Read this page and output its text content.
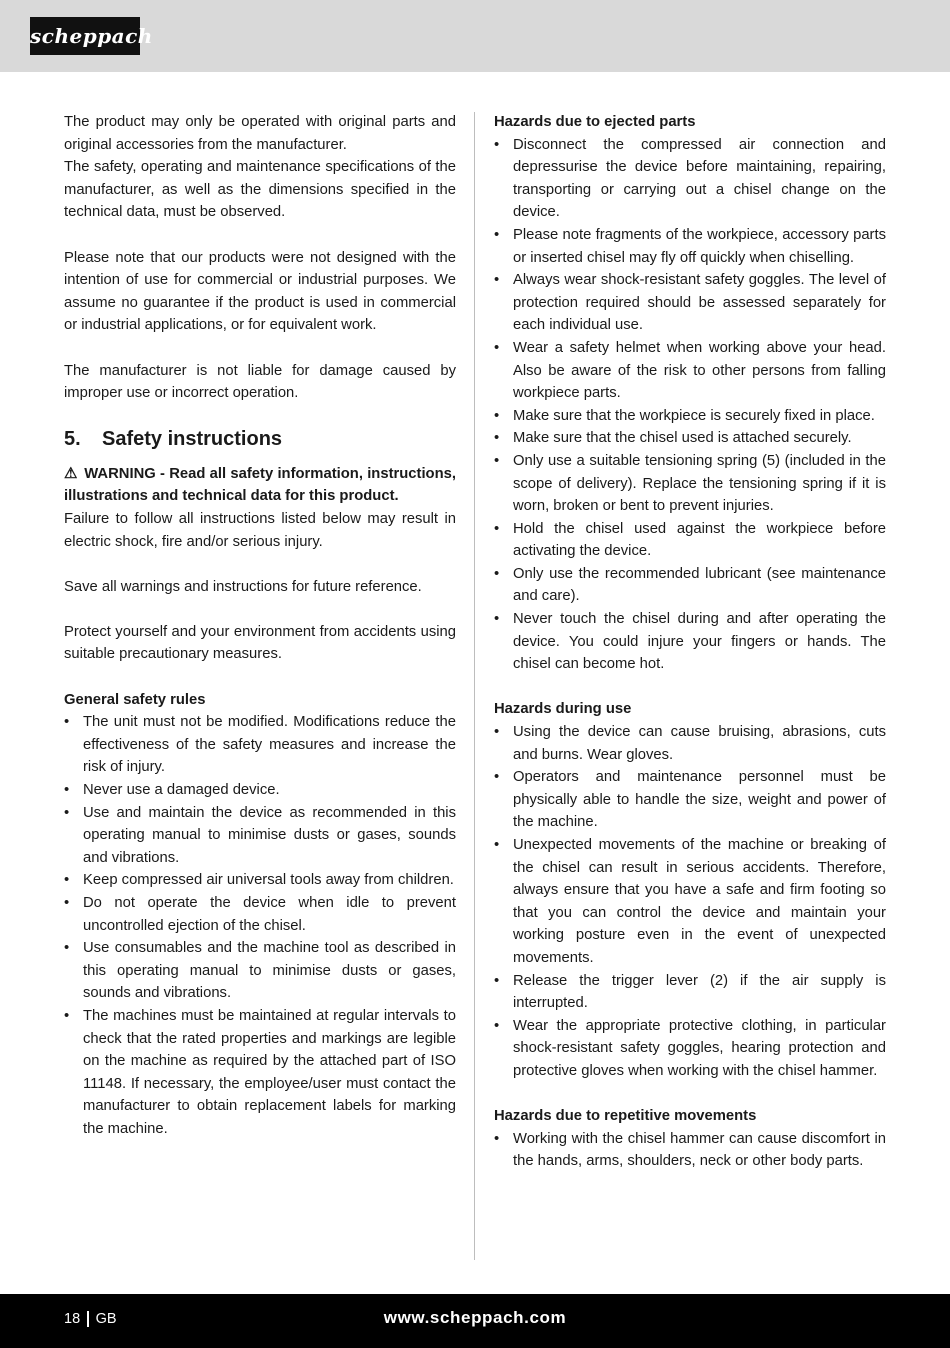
scheppach

The product may only be operated with original parts and original accessories from the manufacturer.

The safety, operating and maintenance specifications of the manufacturer, as well as the dimensions specified in the technical data, must be observed.

Please note that our products were not designed with the intention of use for commercial or industrial purposes. We assume no guarantee if the product is used in commercial or industrial applications, or for equivalent work.

The manufacturer is not liable for damage caused by improper use or incorrect operation.

5.	Safety instructions

⚠ WARNING - Read all safety information, instructions, illustrations and technical data for this product.

Failure to follow all instructions listed below may result in electric shock, fire and/or serious injury.

Save all warnings and instructions for future reference.

Protect yourself and your environment from accidents using suitable precautionary measures.

General safety rules

• The unit must not be modified. Modifications reduce the effectiveness of the safety measures and increase the risk of injury.
• Never use a damaged device.
• Use and maintain the device as recommended in this operating manual to minimise dusts or gases, sounds and vibrations.
• Keep compressed air universal tools away from children.
• Do not operate the device when idle to prevent uncontrolled ejection of the chisel.
• Use consumables and the machine tool as described in this operating manual to minimise dusts or gases, sounds and vibrations.
• The machines must be maintained at regular intervals to check that the rated properties and markings are legible on the machine as required by the attached part of ISO 11148. If necessary, the employee/user must contact the manufacturer to obtain replacement labels for marking the machine.

Hazards due to ejected parts

• Disconnect the compressed air connection and depressurise the device before maintaining, repairing, transporting or carrying out a chisel change on the device.
• Please note fragments of the workpiece, accessory parts or inserted chisel may fly off quickly when chiselling.
• Always wear shock-resistant safety goggles. The level of protection required should be assessed separately for each individual use.
• Wear a safety helmet when working above your head. Also be aware of the risk to other persons from falling workpiece parts.
• Make sure that the workpiece is securely fixed in place.
• Make sure that the chisel used is attached securely.
• Only use a suitable tensioning spring (5) (included in the scope of delivery). Replace the tensioning spring if it is worn, broken or bent to prevent injuries.
• Hold the chisel used against the workpiece before activating the device.
• Only use the recommended lubricant (see maintenance and care).
• Never touch the chisel during and after operating the device. You could injure your fingers or hands. The chisel can become hot.

Hazards during use

• Using the device can cause bruising, abrasions, cuts and burns. Wear gloves.
• Operators and maintenance personnel must be physically able to handle the size, weight and power of the machine.
• Unexpected movements of the machine or breaking of the chisel can result in serious accidents. Therefore, always ensure that you have a safe and firm footing so that you can control the device and maintain your working posture even in the event of unexpected movements.
• Release the trigger lever (2) if the air supply is interrupted.
• Wear the appropriate protective clothing, in particular shock-resistant safety goggles, hearing protection and protective gloves when working with the chisel hammer.

Hazards due to repetitive movements

• Working with the chisel hammer can cause discomfort in the hands, arms, shoulders, neck or other body parts.
18 GB	www.scheppach.com
